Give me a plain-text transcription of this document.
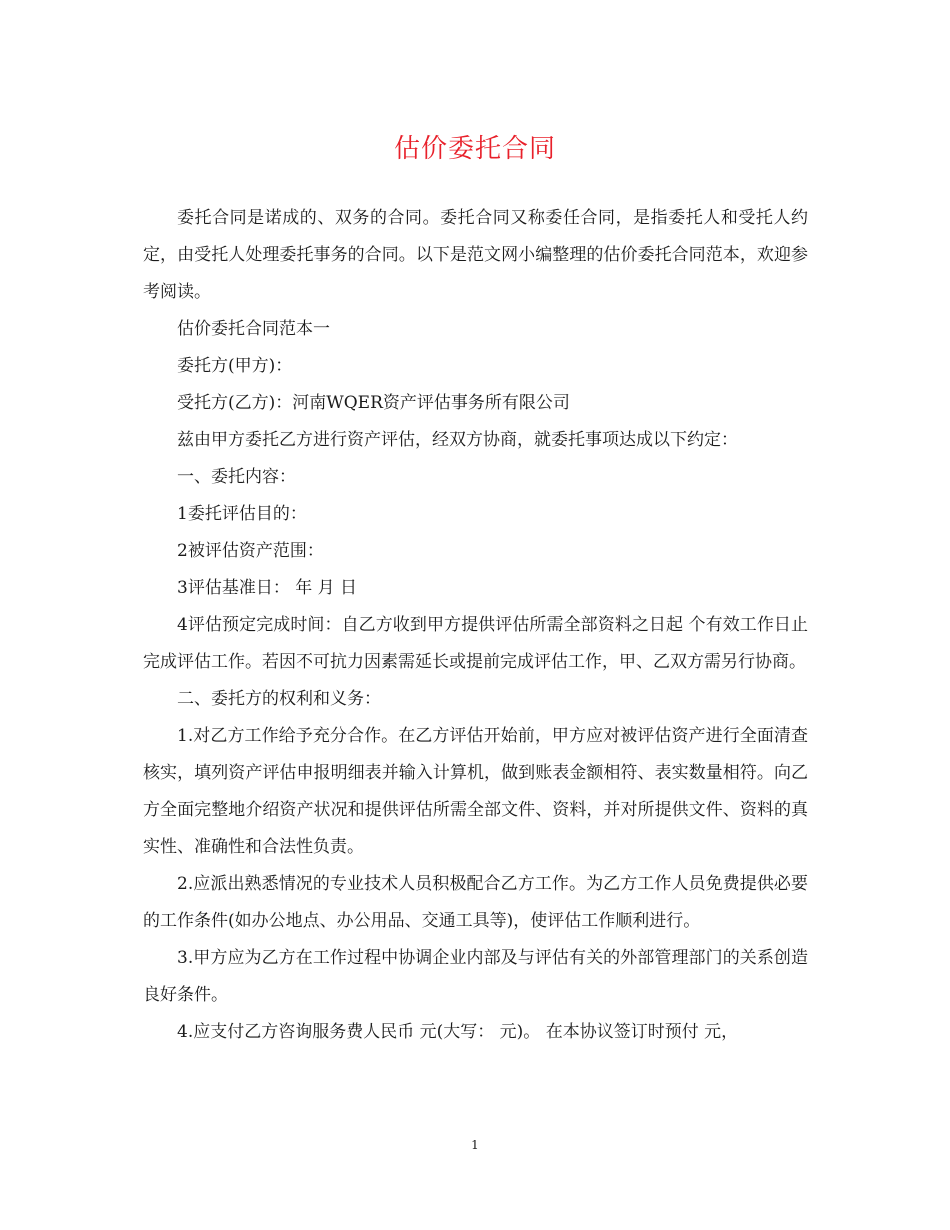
估价委托合同

委托合同是诺成的、双务的合同。委托合同又称委任合同，是指委托人和受托人约定，由受托人处理委托事务的合同。以下是范文网小编整理的估价委托合同范本，欢迎参考阅读。

估价委托合同范本一

委托方(甲方)：

受托方(乙方)：河南WQER资产评估事务所有限公司

兹由甲方委托乙方进行资产评估，经双方协商，就委托事项达成以下约定：

一、委托内容：

1委托评估目的：

2被评估资产范围：

3评估基准日： 年 月 日

4评估预定完成时间：自乙方收到甲方提供评估所需全部资料之日起 个有效工作日止完成评估工作。若因不可抗力因素需延长或提前完成评估工作，甲、乙双方需另行协商。

二、委托方的权利和义务：

1.对乙方工作给予充分合作。在乙方评估开始前，甲方应对被评估资产进行全面清查核实，填列资产评估申报明细表并输入计算机，做到账表金额相符、表实数量相符。向乙方全面完整地介绍资产状况和提供评估所需全部文件、资料，并对所提供文件、资料的真实性、准确性和合法性负责。

2.应派出熟悉情况的专业技术人员积极配合乙方工作。为乙方工作人员免费提供必要的工作条件(如办公地点、办公用品、交通工具等)，使评估工作顺利进行。

3.甲方应为乙方在工作过程中协调企业内部及与评估有关的外部管理部门的关系创造良好条件。

4.应支付乙方咨询服务费人民币 元(大写： 元)。 在本协议签订时预付 元，

1
